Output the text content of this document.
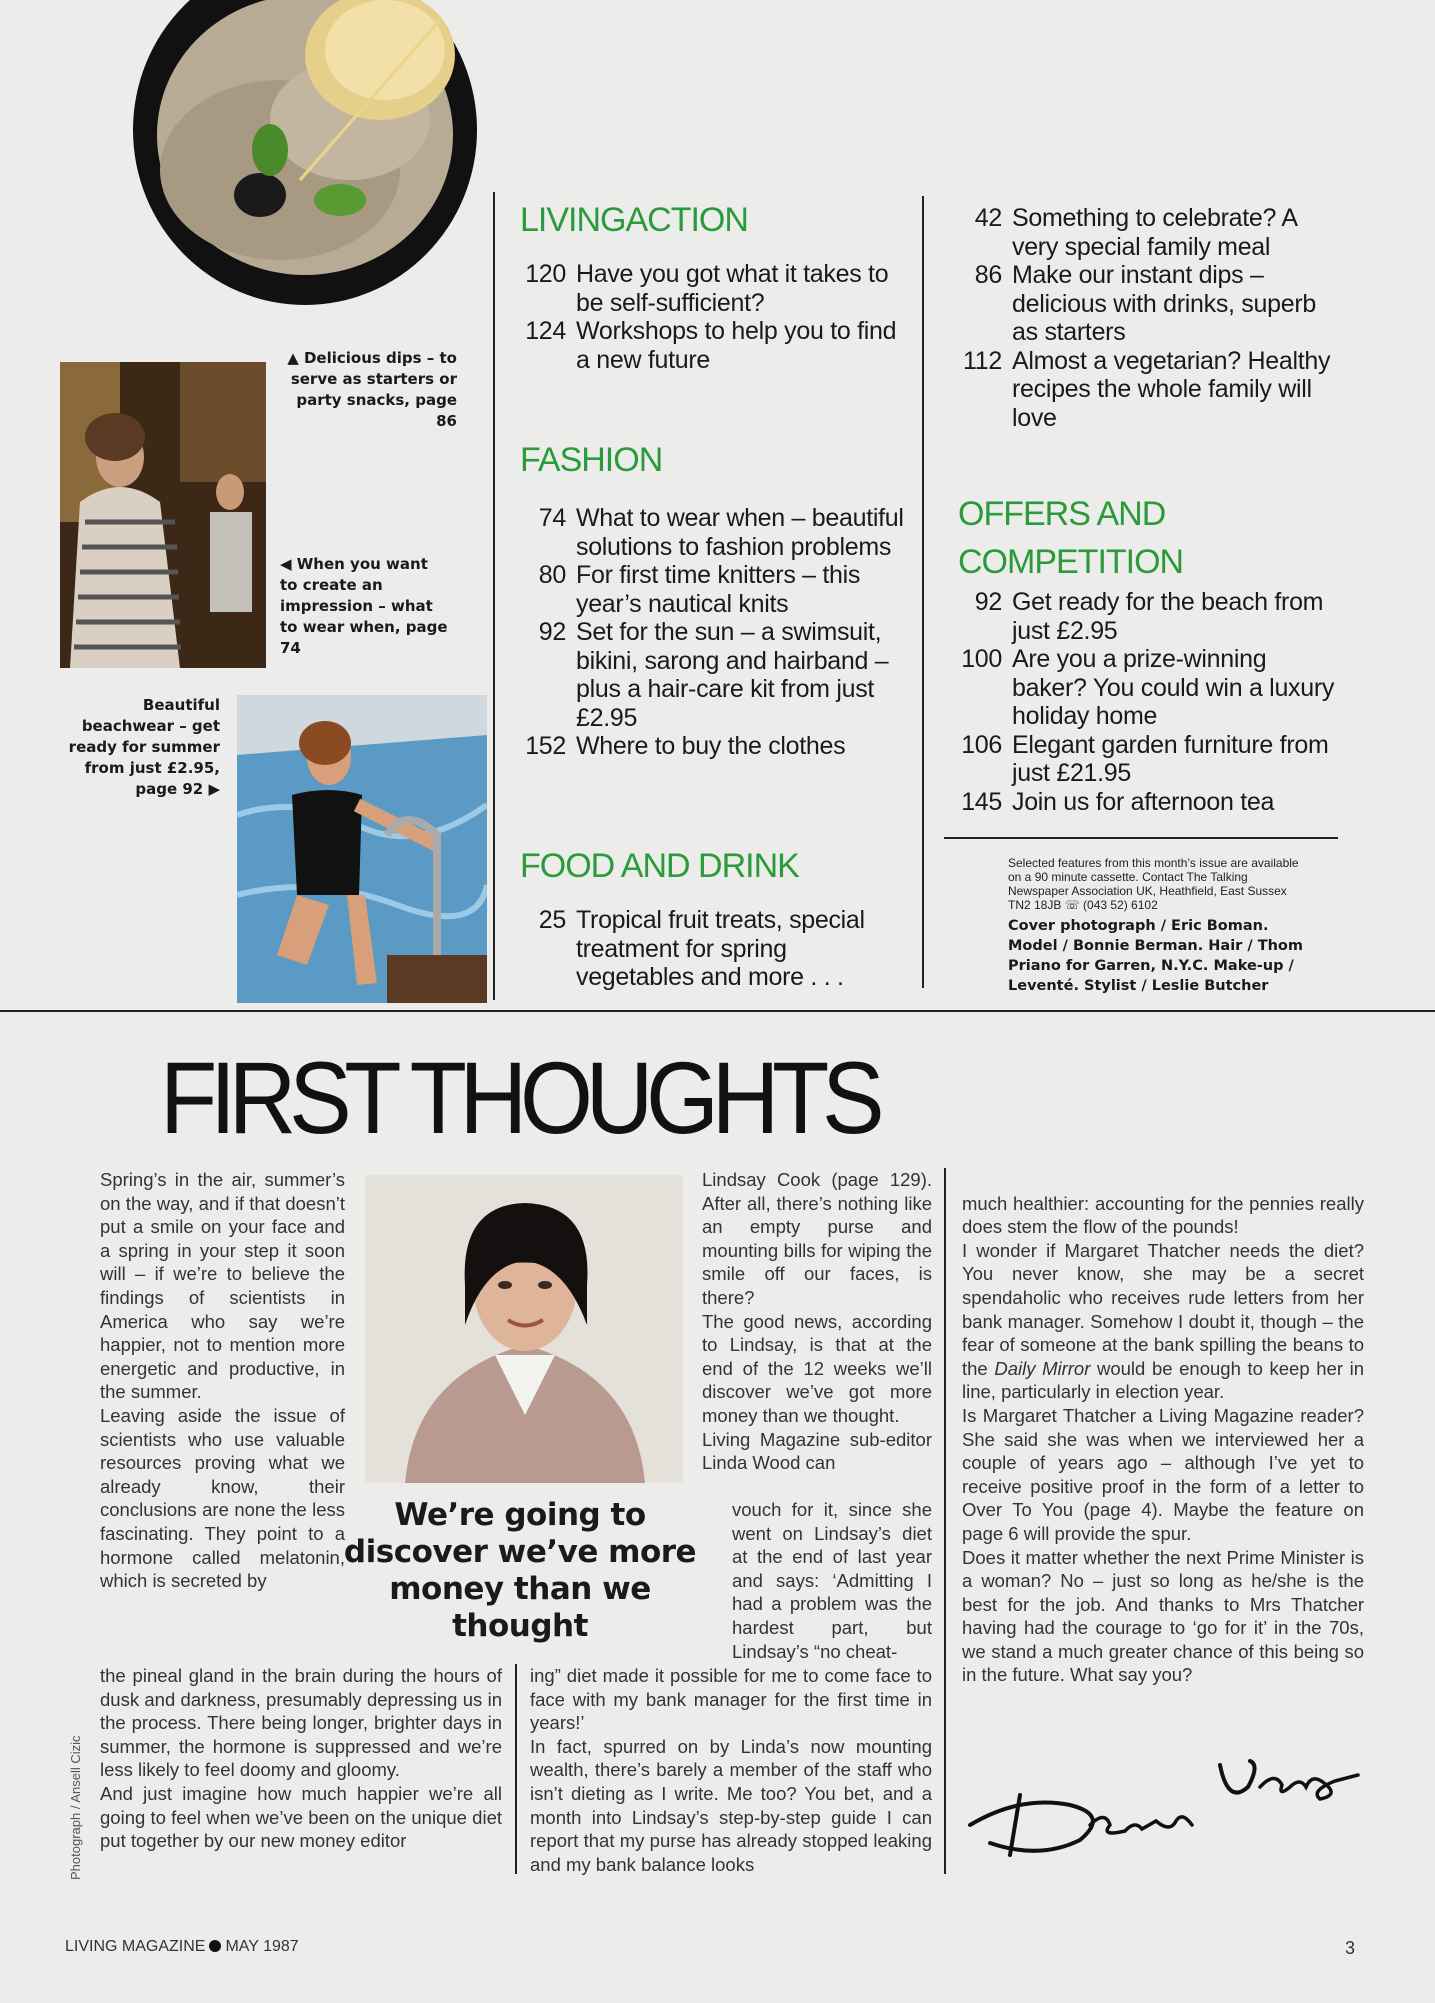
▲ Delicious dips – to serve as starters or party snacks, page 86
◀ When you want to create an impression – what to wear when, page 74
Beautiful beachwear – get ready for summer from just £2.95, page 92 ▶
LIVINGACTION
120 Have you got what it takes to be self-sufficient?
124 Workshops to help you to find a new future
FASHION
74 What to wear when – beautiful solutions to fashion problems
80 For first time knitters – this year’s nautical knits
92 Set for the sun – a swimsuit, bikini, sarong and hairband – plus a hair-care kit from just £2.95
152 Where to buy the clothes
FOOD AND DRINK
25 Tropical fruit treats, special treatment for spring vegetables and more . . .
42 Something to celebrate? A very special family meal
86 Make our instant dips – delicious with drinks, superb as starters
112 Almost a vegetarian? Healthy recipes the whole family will love
OFFERS AND
COMPETITION
92 Get ready for the beach from just £2.95
100 Are you a prize-winning baker? You could win a luxury holiday home
106 Elegant garden furniture from just £21.95
145 Join us for afternoon tea
Selected features from this month’s issue are available on a 90 minute cassette. Contact The Talking Newspaper Association UK, Heathfield, East Sussex TN2 18JB ☏ (043 52) 6102
Cover photograph / Eric Boman. Model / Bonnie Berman. Hair / Thom Priano for Garren, N.Y.C. Make-up / Leventé. Stylist / Leslie Butcher
FIRST THOUGHTS
Spring’s in the air, summer’s on the way, and if that doesn’t put a smile on your face and a spring in your step it soon will – if we’re to believe the findings of scientists in America who say we’re happier, not to mention more energetic and productive, in the summer.
Leaving aside the issue of scientists who use valuable resources proving what we already know, their conclusions are none the less fascinating. They point to a hormone called melatonin, which is secreted by
We’re going to discover we’ve more money than we thought
the pineal gland in the brain during the hours of dusk and darkness, presumably depressing us in the process. There being longer, brighter days in summer, the hormone is suppressed and we’re less likely to feel doomy and gloomy.
And just imagine how much happier we’re all going to feel when we’ve been on the unique diet put together by our new money editor
Photograph / Ansell Cizic
Lindsay Cook (page 129). After all, there’s nothing like an empty purse and mounting bills for wiping the smile off our faces, is there?
The good news, according to Lindsay, is that at the end of the 12 weeks we’ll discover we’ve got more money than we thought.
Living Magazine sub-editor Linda Wood can
vouch for it, since she went on Lindsay’s diet at the end of last year and says: ‘Admitting I had a problem was the hardest part, but Lindsay’s “no cheat-
ing” diet made it possible for me to come face to face with my bank manager for the first time in years!’
In fact, spurred on by Linda’s now mounting wealth, there’s barely a member of the staff who isn’t dieting as I write. Me too? You bet, and a month into Lindsay’s step-by-step guide I can report that my purse has already stopped leaking and my bank balance looks

much healthier: accounting for the pennies really does stem the flow of the pounds!
I wonder if Margaret Thatcher needs the diet? You never know, she may be a secret spendaholic who receives rude letters from her bank manager. Somehow I doubt it, though – the fear of someone at the bank spilling the beans to the Daily Mirror would be enough to keep her in line, particularly in election year.
Is Margaret Thatcher a Living Magazine reader? She said she was when we interviewed her a couple of years ago – although I’ve yet to receive positive proof in the form of a letter to Over To You (page 4). Maybe the feature on page 6 will provide the spur.
Does it matter whether the next Prime Minister is a woman? No – just so long as he/she is the best for the job. And thanks to Mrs Thatcher having had the courage to ‘go for it’ in the 70s, we stand a much greater chance of this being so in the future. What say you?

LIVING MAGAZINE MAY 1987	3
